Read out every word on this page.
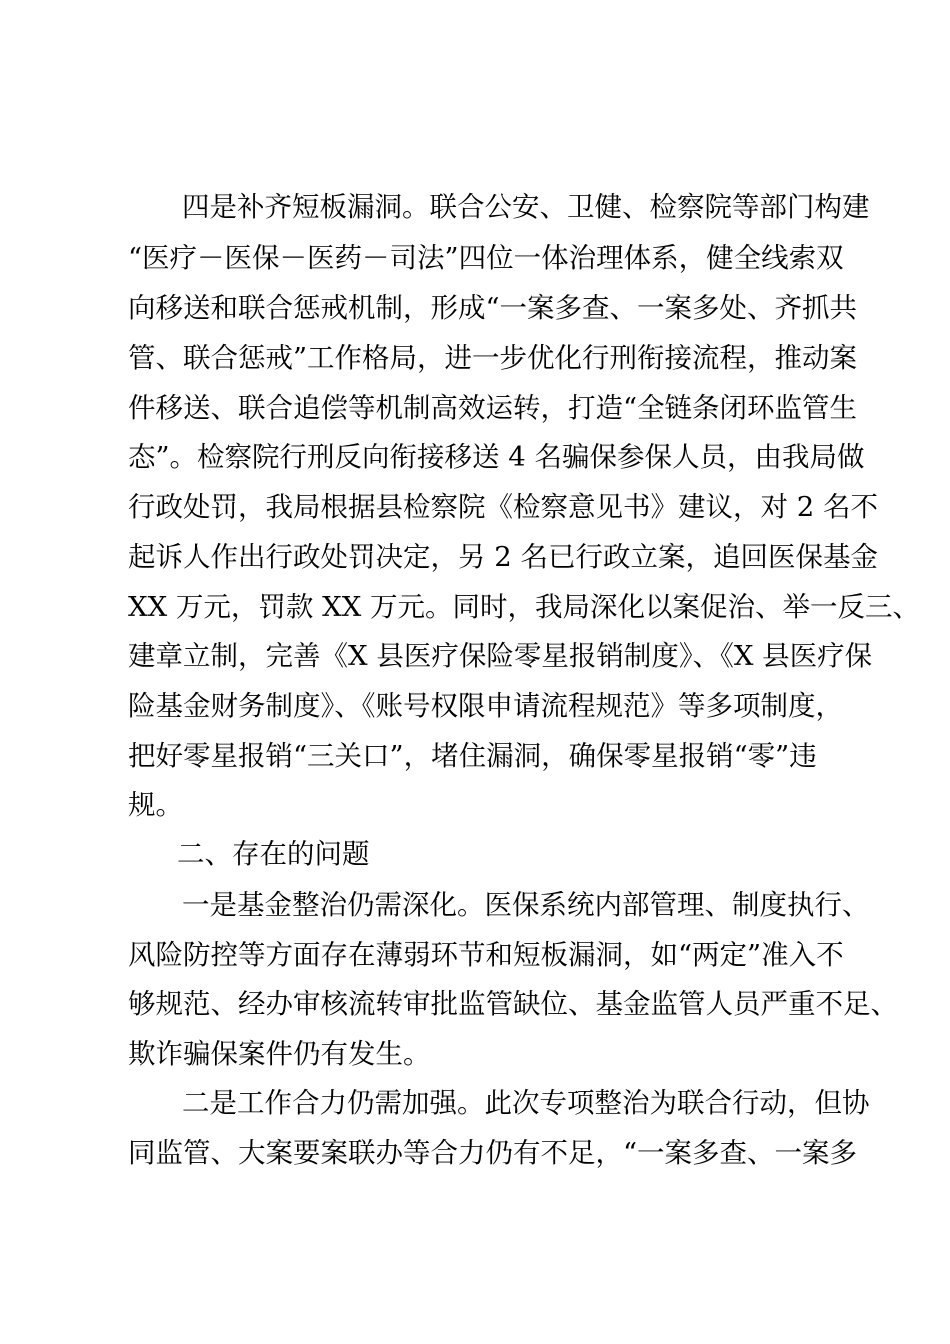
四是补齐短板漏洞。联合公安、卫健、检察院等部门构建
“医疗－医保－医药－司法”四位一体治理体系，健全线索双
向移送和联合惩戒机制，形成“一案多查、一案多处、齐抓共
管、联合惩戒”工作格局，进一步优化行刑衔接流程，推动案
件移送、联合追偿等机制高效运转，打造“全链条闭环监管生
态”。检察院行刑反向衔接移送 4 名骗保参保人员，由我局做
行政处罚，我局根据县检察院《检察意见书》建议，对 2 名不
起诉人作出行政处罚决定，另 2 名已行政立案，追回医保基金
XX 万元，罚款 XX 万元。同时，我局深化以案促治、举一反三、
建章立制，完善《X 县医疗保险零星报销制度》、《X 县医疗保
险基金财务制度》、《账号权限申请流程规范》等多项制度，
把好零星报销“三关口”，堵住漏洞，确保零星报销“零”违
规。
二、存在的问题
一是基金整治仍需深化。医保系统内部管理、制度执行、
风险防控等方面存在薄弱环节和短板漏洞，如“两定”准入不
够规范、经办审核流转审批监管缺位、基金监管人员严重不足、
欺诈骗保案件仍有发生。
二是工作合力仍需加强。此次专项整治为联合行动，但协
同监管、大案要案联办等合力仍有不足，“一案多查、一案多
